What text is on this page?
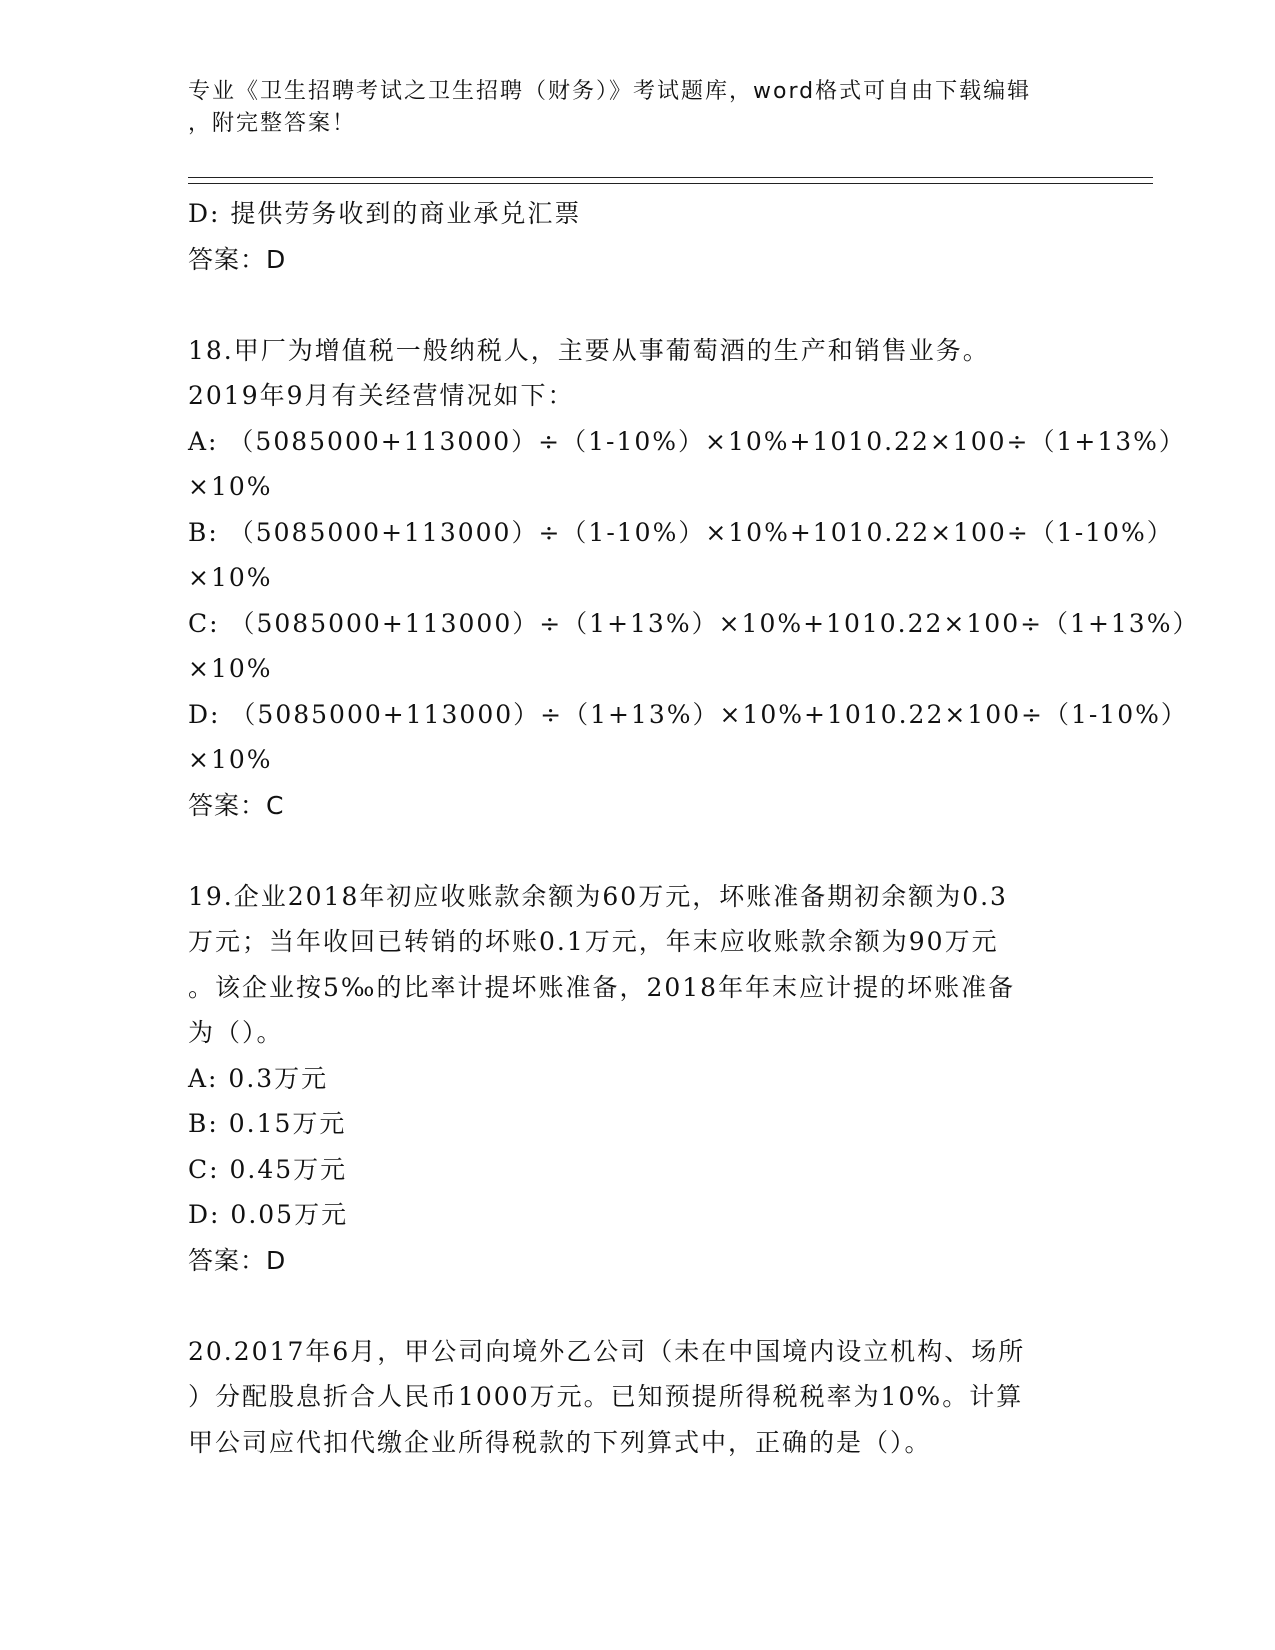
专业《卫生招聘考试之卫生招聘（财务）》考试题库，word格式可自由下载编辑
，附完整答案！
D: 提供劳务收到的商业承兑汇票
答案：D
18.甲厂为增值税一般纳税人，主要从事葡萄酒的生产和销售业务。
2019年9月有关经营情况如下：
A: （5085000+113000）÷（1-10%）×10%+1010.22×100÷（1+13%）
×10%
B: （5085000+113000）÷（1-10%）×10%+1010.22×100÷（1-10%）
×10%
C: （5085000+113000）÷（1+13%）×10%+1010.22×100÷（1+13%）
×10%
D: （5085000+113000）÷（1+13%）×10%+1010.22×100÷（1-10%）
×10%
答案：C
19.企业2018年初应收账款余额为60万元，坏账准备期初余额为0.3
万元；当年收回已转销的坏账0.1万元，年末应收账款余额为90万元
。该企业按5‰的比率计提坏账准备，2018年年末应计提的坏账准备
为（）。
A: 0.3万元
B: 0.15万元
C: 0.45万元
D: 0.05万元
答案：D
20.2017年6月，甲公司向境外乙公司（未在中国境内设立机构、场所
）分配股息折合人民币1000万元。已知预提所得税税率为10%。计算
甲公司应代扣代缴企业所得税款的下列算式中，正确的是（）。
